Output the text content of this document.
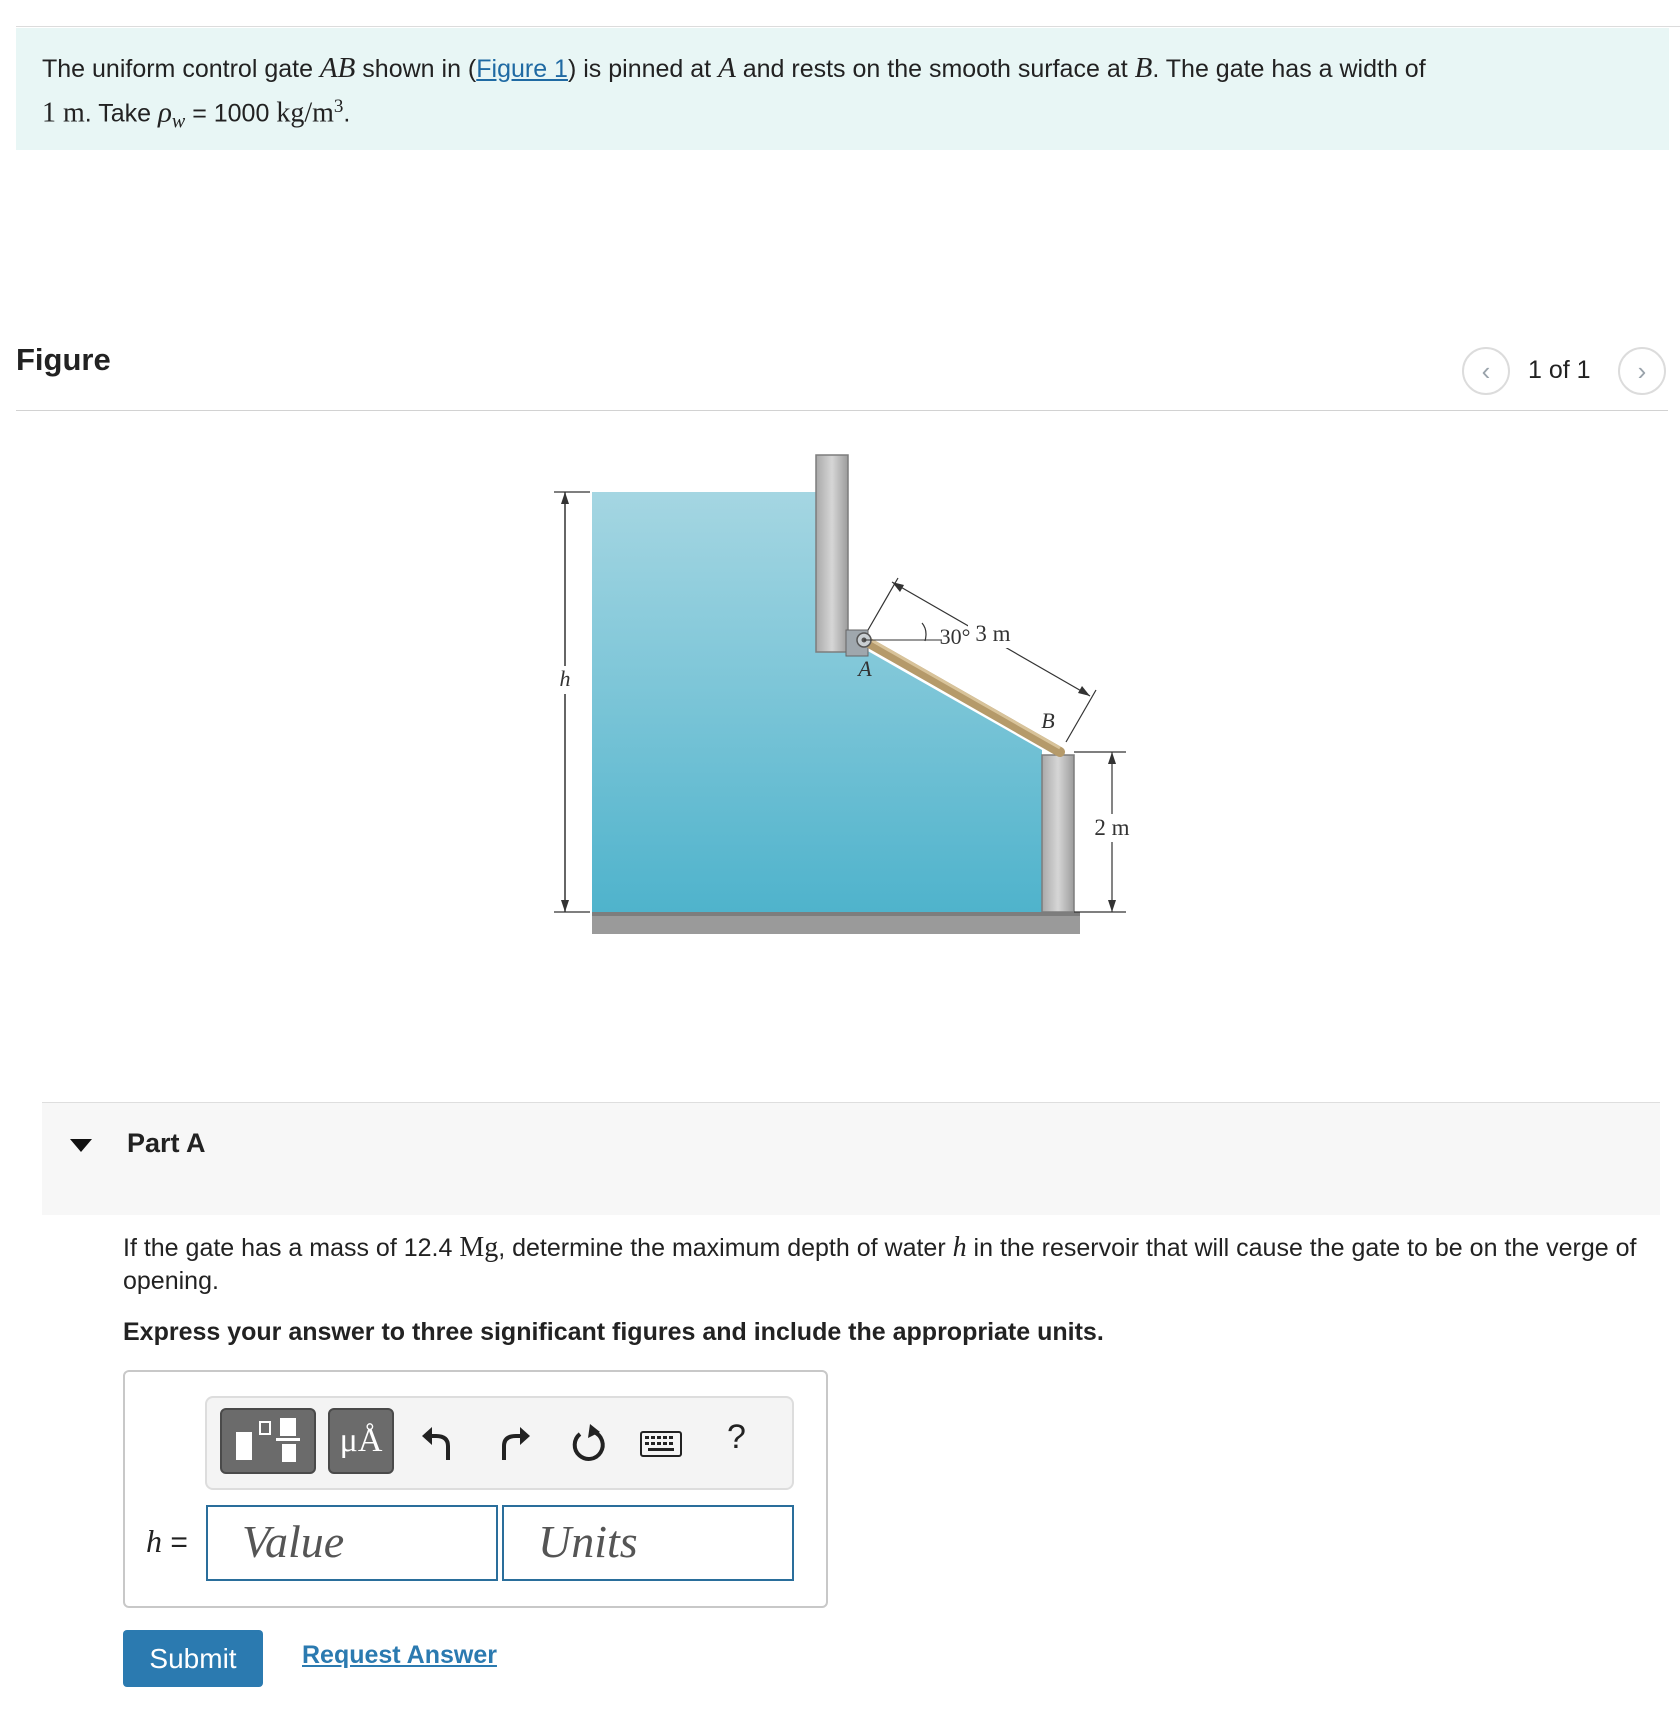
The uniform control gate AB shown in (Figure 1) is pinned at A and rests on the smooth surface at B. The gate has a width of
1 m. Take $\rho_w = 1000$ $kg/m^3$.
Figure	‹ 1 of 1 ›
h
3 m
30°
A
B
2 m
Part A
If the gate has a mass of 12.4 Mg, determine the maximum depth of water h in the reservoir that will cause the gate to be on the verge of opening.
Express your answer to three significant figures and include the appropriate units.
μÅ	?
h =	Value	Units
Submit	Request Answer
